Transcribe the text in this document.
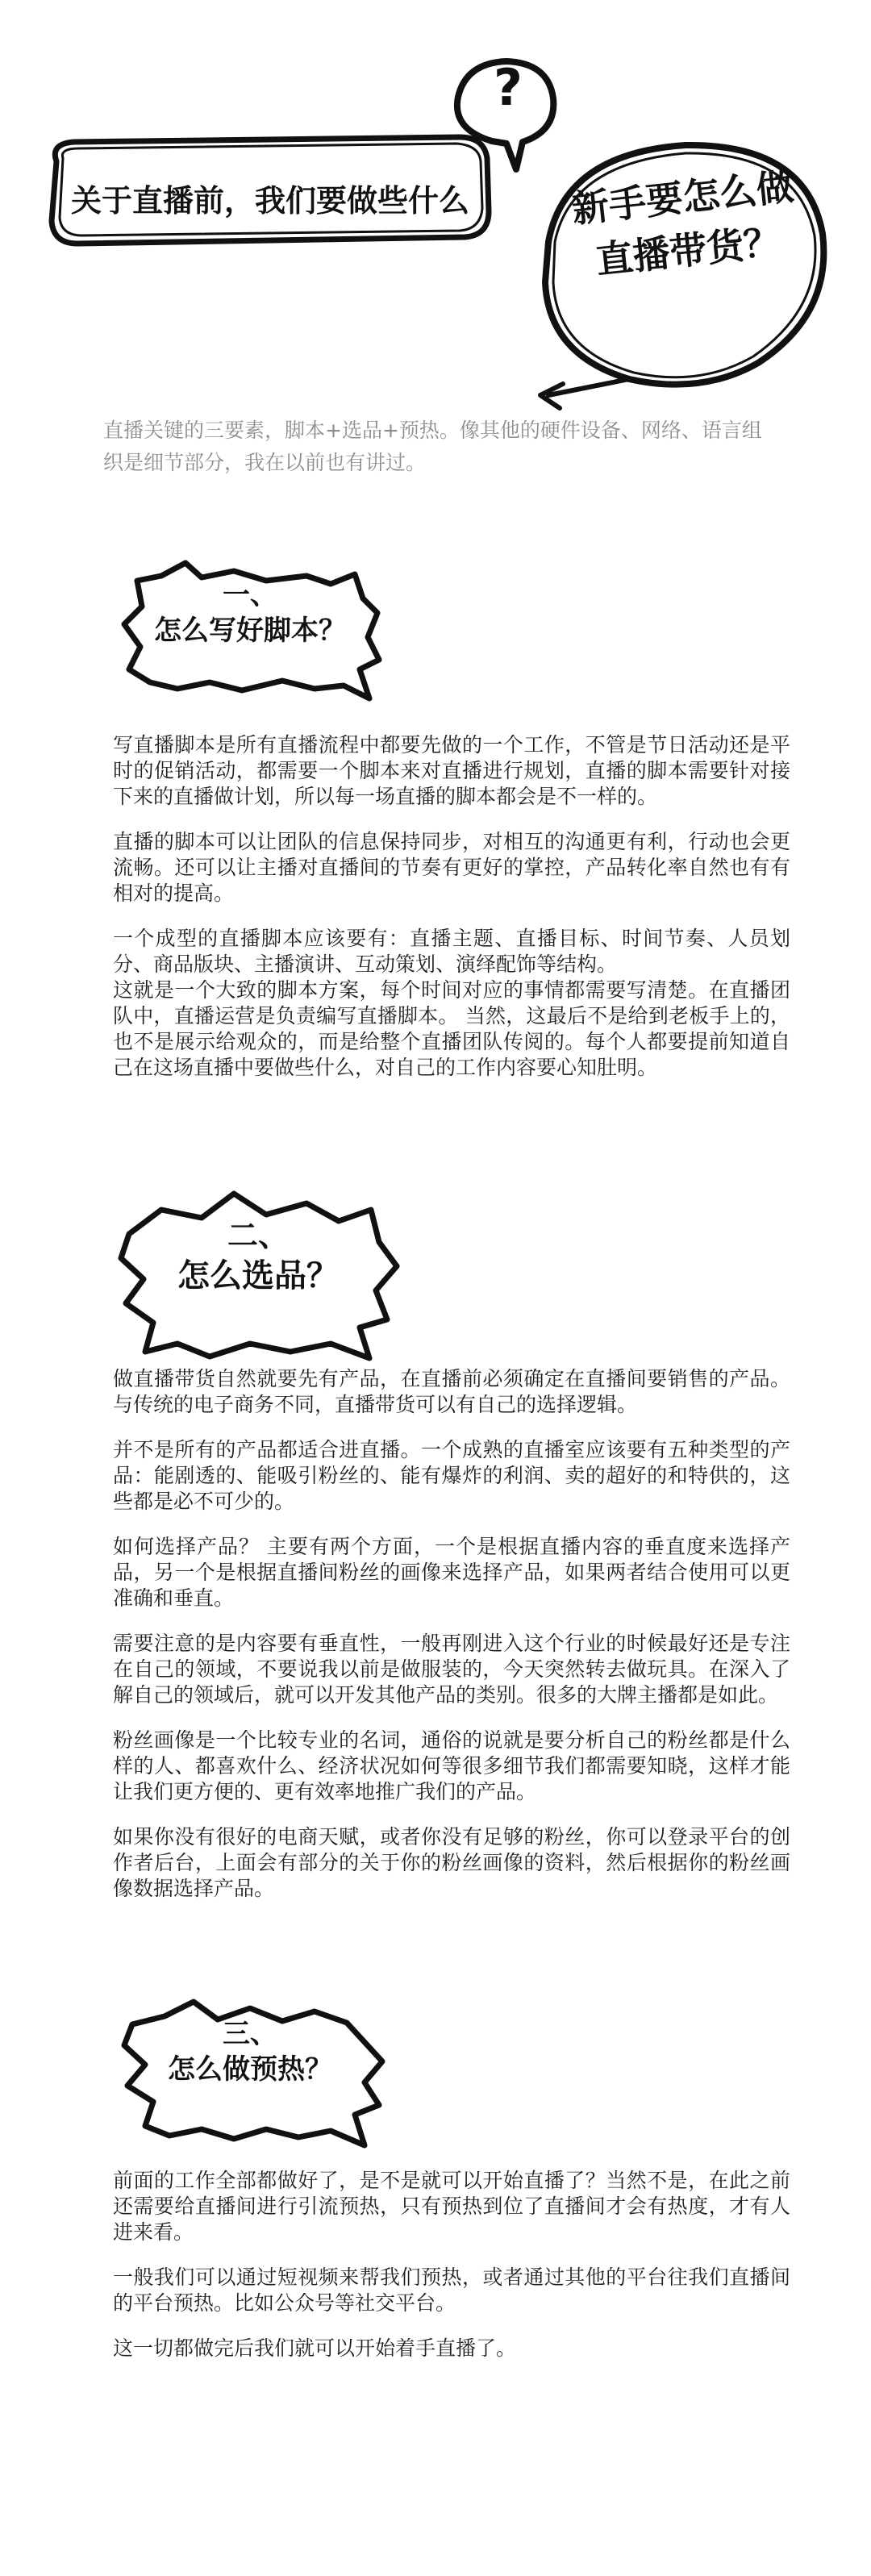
关于直播前，我们要做些什么
?
新手要怎么做
直播带货？
直播关键的三要素，脚本+选品+预热。像其他的硬件设备、网络、语言组织是细节部分，我在以前也有讲过。
一、
怎么写好脚本？

写直播脚本是所有直播流程中都要先做的一个工作，不管是节日活动还是平时的促销活动，都需要一个脚本来对直播进行规划，直播的脚本需要针对接下来的直播做计划，所以每一场直播的脚本都会是不一样的。

直播的脚本可以让团队的信息保持同步，对相互的沟通更有利，行动也会更流畅。还可以让主播对直播间的节奏有更好的掌控，产品转化率自然也有有相对的提高。

一个成型的直播脚本应该要有：直播主题、直播目标、时间节奏、人员划分、商品版块、主播演讲、互动策划、演绎配饰等结构。

这就是一个大致的脚本方案，每个时间对应的事情都需要写清楚。在直播团队中，直播运营是负责编写直播脚本。 当然，这最后不是给到老板手上的，也不是展示给观众的，而是给整个直播团队传阅的。每个人都要提前知道自己在这场直播中要做些什么，对自己的工作内容要心知肚明。

二、
怎么选品？

做直播带货自然就要先有产品，在直播前必须确定在直播间要销售的产品。与传统的电子商务不同，直播带货可以有自己的选择逻辑。

并不是所有的产品都适合进直播。一个成熟的直播室应该要有五种类型的产品：能剧透的、能吸引粉丝的、能有爆炸的利润、卖的超好的和特供的，这些都是必不可少的。

如何选择产品？ 主要有两个方面，一个是根据直播内容的垂直度来选择产品，另一个是根据直播间粉丝的画像来选择产品，如果两者结合使用可以更准确和垂直。

需要注意的是内容要有垂直性，一般再刚进入这个行业的时候最好还是专注在自己的领域，不要说我以前是做服装的，今天突然转去做玩具。在深入了解自己的领域后，就可以开发其他产品的类别。很多的大牌主播都是如此。

粉丝画像是一个比较专业的名词，通俗的说就是要分析自己的粉丝都是什么样的人、都喜欢什么、经济状况如何等很多细节我们都需要知晓，这样才能让我们更方便的、更有效率地推广我们的产品。

如果你没有很好的电商天赋，或者你没有足够的粉丝，你可以登录平台的创作者后台，上面会有部分的关于你的粉丝画像的资料，然后根据你的粉丝画像数据选择产品。

三、
怎么做预热？

前面的工作全部都做好了，是不是就可以开始直播了？当然不是，在此之前还需要给直播间进行引流预热，只有预热到位了直播间才会有热度，才有人进来看。

一般我们可以通过短视频来帮我们预热，或者通过其他的平台往我们直播间的平台预热。比如公众号等社交平台。

这一切都做完后我们就可以开始着手直播了。
